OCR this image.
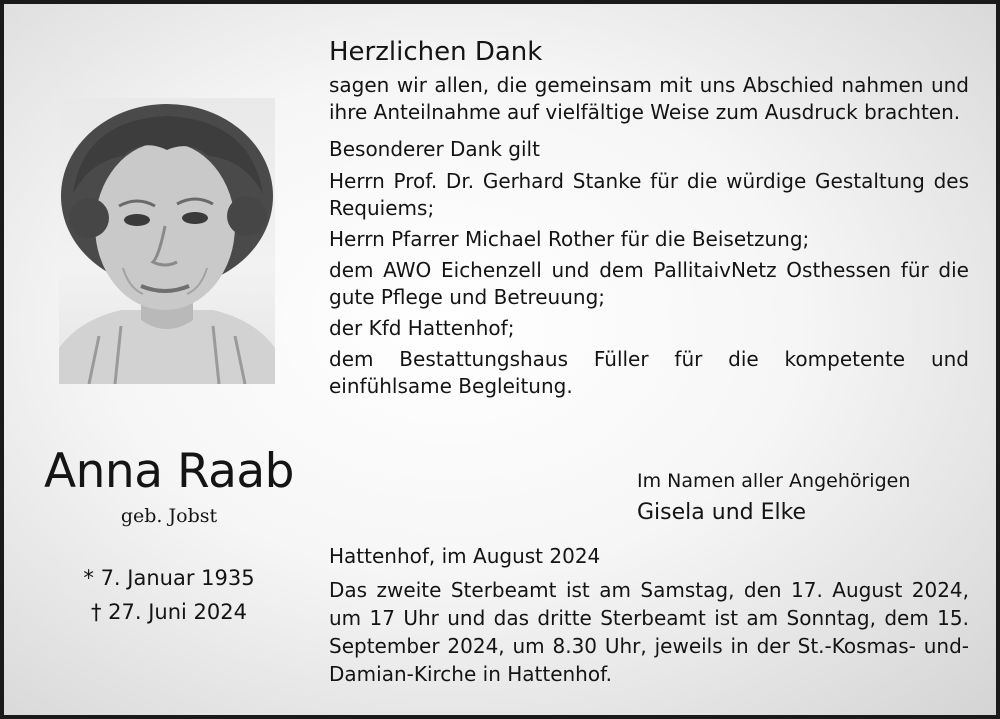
Anna Raab
geb. Jobst
* 7. Januar 1935
† 27. Juni 2024
Herzlichen Dank
sagen wir allen, die gemeinsam mit uns Abschied nahmen und ihre Anteilnahme auf vielfältige Weise zum Ausdruck brachten.
Besonderer Dank gilt
Herrn Prof. Dr. Gerhard Stanke für die würdige Gestaltung des Requiems;
Herrn Pfarrer Michael Rother für die Beisetzung;
dem AWO Eichenzell und dem PallitaivNetz Osthessen für die gute Pflege und Betreuung;
der Kfd Hattenhof;
dem Bestattungshaus Füller für die kompetente und einfühlsame Begleitung.
Im Namen aller Angehörigen
Gisela und Elke
Hattenhof, im August 2024
Das zweite Sterbeamt ist am Samstag, den 17. August 2024, um 17 Uhr und das dritte Sterbeamt ist am Sonntag, dem 15. September 2024, um 8.30 Uhr, jeweils in der St.-Kosmas- und-Damian-Kirche in Hattenhof.
